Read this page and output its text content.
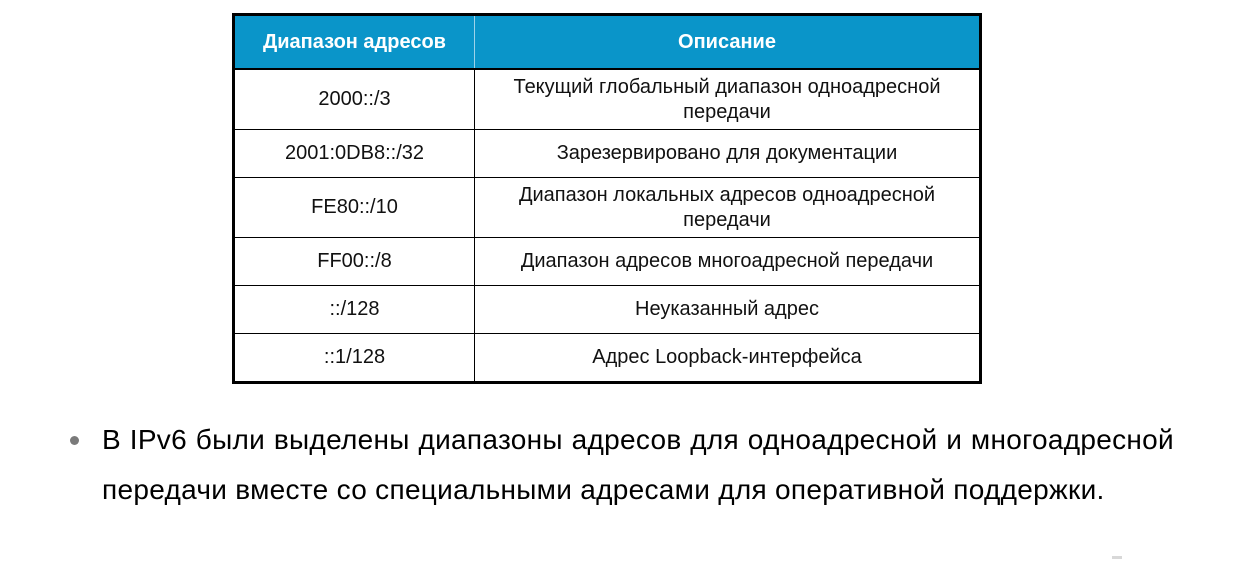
Диапазон адресов	Описание
2000::/3	Текущий глобальный диапазон одноадресной передачи
2001:0DB8::/32	Зарезервировано для документации
FE80::/10	Диапазон локальных адресов одноадресной передачи
FF00::/8	Диапазон адресов многоадресной передачи
::/128	Неуказанный адрес
::1/128	Адрес Loopback-интерфейса
В IPv6 были выделены диапазоны адресов для одноадресной и многоадресной передачи вместе со специальными адресами для оперативной поддержки.
